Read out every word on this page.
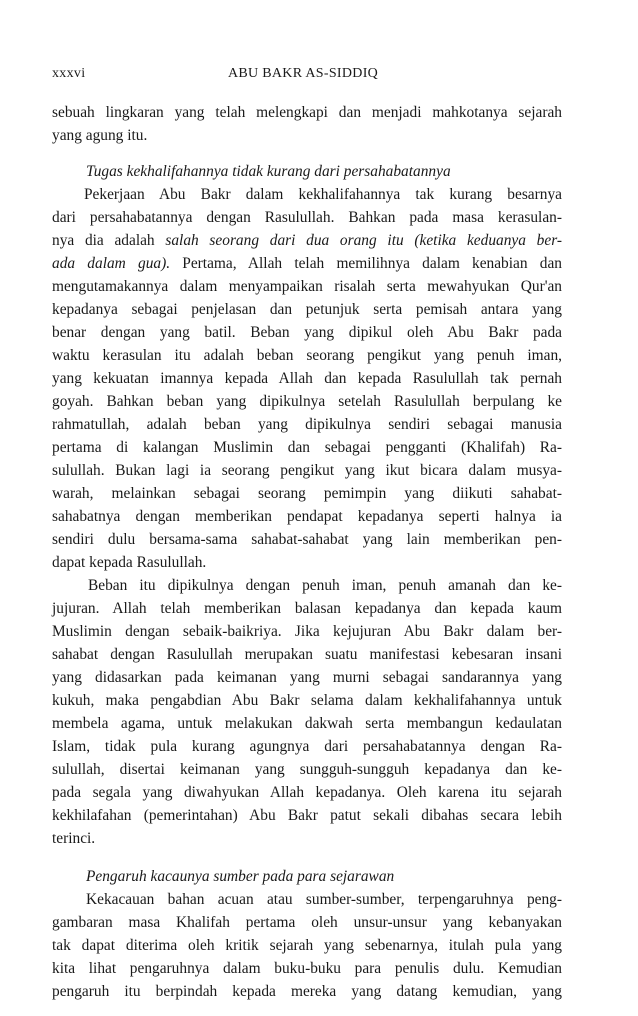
xxxvi	ABU BAKR AS-SIDDIQ
sebuah lingkaran yang telah melengkapi dan menjadi mahkotanya sejarah
yang agung itu.
Tugas kekhalifahannya tidak kurang dari persahabatannya
Pekerjaan Abu Bakr dalam kekhalifahannya tak kurang besarnya
dari persahabatannya dengan Rasulullah. Bahkan pada masa kerasulan-
nya dia adalah salah seorang dari dua orang itu (ketika keduanya ber-
ada dalam gua). Pertama, Allah telah memilihnya dalam kenabian dan
mengutamakannya dalam menyampaikan risalah serta mewahyukan Qur'an
kepadanya sebagai penjelasan dan petunjuk serta pemisah antara yang
benar dengan yang batil. Beban yang dipikul oleh Abu Bakr pada
waktu kerasulan itu adalah beban seorang pengikut yang penuh iman,
yang kekuatan imannya kepada Allah dan kepada Rasulullah tak pernah
goyah. Bahkan beban yang dipikulnya setelah Rasulullah berpulang ke
rahmatullah, adalah beban yang dipikulnya sendiri sebagai manusia
pertama di kalangan Muslimin dan sebagai pengganti (Khalifah) Ra-
sulullah. Bukan lagi ia seorang pengikut yang ikut bicara dalam musya-
warah, melainkan sebagai seorang pemimpin yang diikuti sahabat-
sahabatnya dengan memberikan pendapat kepadanya seperti halnya ia
sendiri dulu bersama-sama sahabat-sahabat yang lain memberikan pen-
dapat kepada Rasulullah.
Beban itu dipikulnya dengan penuh iman, penuh amanah dan ke-
jujuran. Allah telah memberikan balasan kepadanya dan kepada kaum
Muslimin dengan sebaik-baikriya. Jika kejujuran Abu Bakr dalam ber-
sahabat dengan Rasulullah merupakan suatu manifestasi kebesaran insani
yang didasarkan pada keimanan yang murni sebagai sandarannya yang
kukuh, maka pengabdian Abu Bakr selama dalam kekhalifahannya untuk
membela agama, untuk melakukan dakwah serta membangun kedaulatan
Islam, tidak pula kurang agungnya dari persahabatannya dengan Ra-
sulullah, disertai keimanan yang sungguh-sungguh kepadanya dan ke-
pada segala yang diwahyukan Allah kepadanya. Oleh karena itu sejarah
kekhilafahan (pemerintahan) Abu Bakr patut sekali dibahas secara lebih
terinci.
Pengaruh kacaunya sumber pada para sejarawan
Kekacauan bahan acuan atau sumber-sumber, terpengaruhnya peng-
gambaran masa Khalifah pertama oleh unsur-unsur yang kebanyakan
tak dapat diterima oleh kritik sejarah yang sebenarnya, itulah pula yang
kita lihat pengaruhnya dalam buku-buku para penulis dulu. Kemudian
pengaruh itu berpindah kepada mereka yang datang kemudian, yang
